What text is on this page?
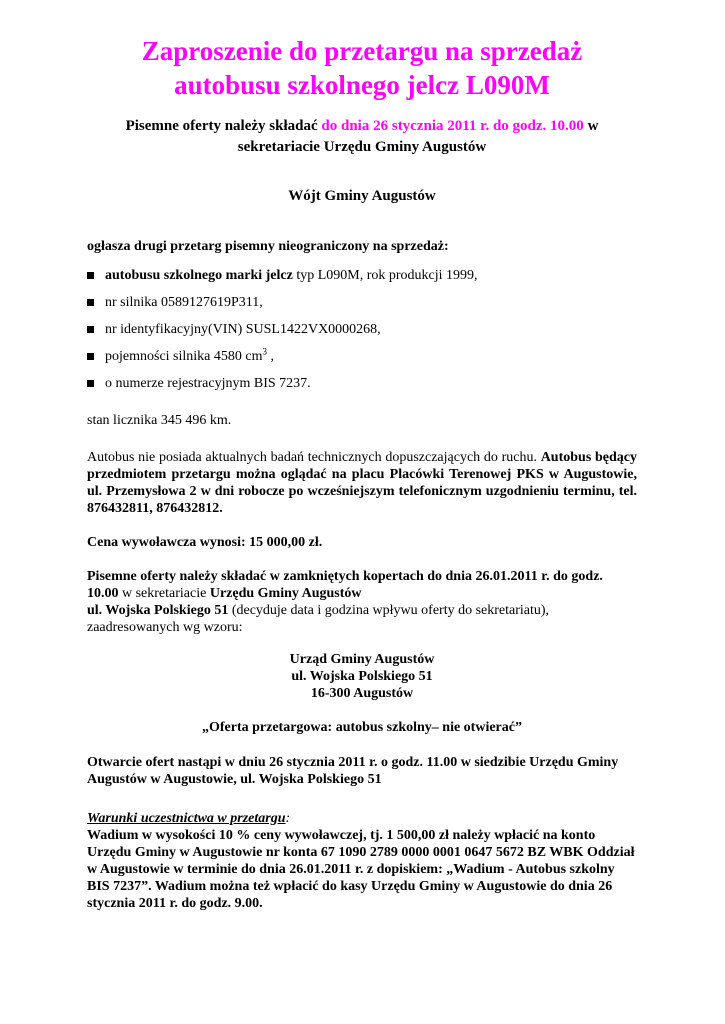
Zaproszenie do przetargu na sprzedaż
autobusu szkolnego jelcz L090M

Pisemne oferty należy składać do dnia 26 stycznia 2011 r. do godz. 10.00 w
sekretariacie Urzędu Gminy Augustów

Wójt Gminy Augustów

ogłasza drugi przetarg pisemny nieograniczony na sprzedaż:

autobusu szkolnego marki jelcz typ L090M, rok produkcji 1999,
nr silnika 0589127619P311,
nr identyfikacyjny(VIN) SUSL1422VX0000268,
pojemności silnika 4580 $cm^3$ ,
o numerze rejestracyjnym BIS 7237.

stan licznika 345 496 km.

Autobus nie posiada aktualnych badań technicznych dopuszczających do ruchu. Autobus będący przedmiotem przetargu można oglądać na placu Placówki Terenowej PKS w Augustowie, ul. Przemysłowa 2 w dni robocze po wcześniejszym telefonicznym uzgodnieniu terminu, tel. 876432811, 876432812.

Cena wywoławcza wynosi: 15 000,00 zł.

Pisemne oferty należy składać w zamkniętych kopertach do dnia 26.01.2011 r. do godz. 10.00 w sekretariacie Urzędu Gminy Augustów
ul. Wojska Polskiego 51 (decyduje data i godzina wpływu oferty do sekretariatu),
zaadresowanych wg wzoru:

Urząd Gminy Augustów
ul. Wojska Polskiego 51
16-300 Augustów

„Oferta przetargowa: autobus szkolny– nie otwierać”

Otwarcie ofert nastąpi w dniu 26 stycznia 2011 r. o godz. 11.00 w siedzibie Urzędu Gminy Augustów w Augustowie, ul. Wojska Polskiego 51

Warunki uczestnictwa w przetargu:
Wadium w wysokości 10 % ceny wywoławczej, tj. 1 500,00 zł należy wpłacić na konto Urzędu Gminy w Augustowie nr konta 67 1090 2789 0000 0001 0647 5672 BZ WBK Oddział w Augustowie w terminie do dnia 26.01.2011 r. z dopiskiem: „Wadium - Autobus szkolny BIS 7237”. Wadium można też wpłacić do kasy Urzędu Gminy w Augustowie do dnia 26 stycznia 2011 r. do godz. 9.00.
